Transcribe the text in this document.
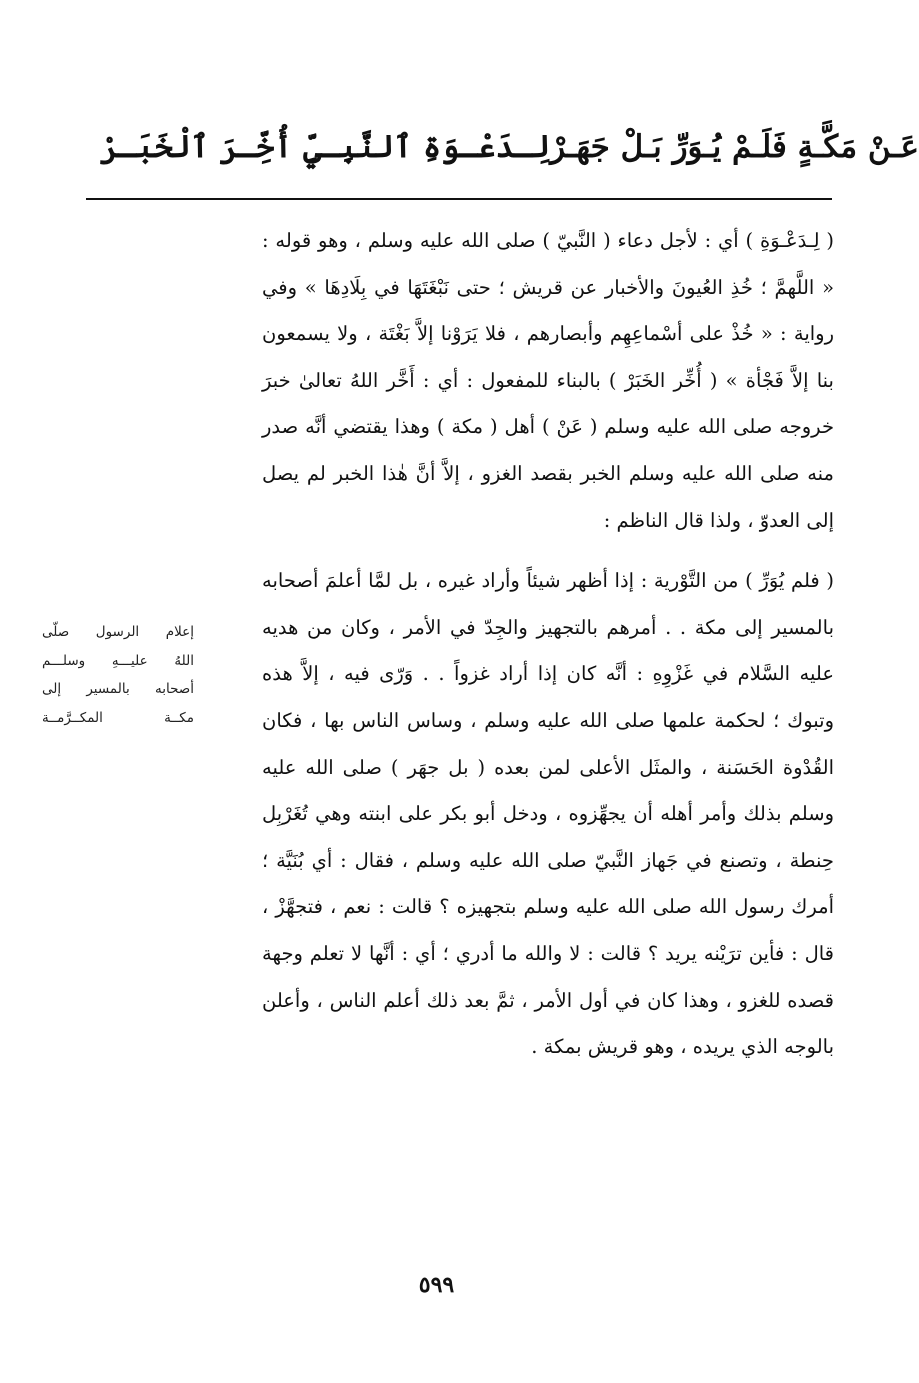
لِـدَعْـوَةِ ٱلنَّبِـيِّ أُخِّـرَ ٱلْخَبَـرْ عَـنْ مَكَّـةٍ فَلَـمْ يُـوَرِّ بَـلْ جَهَـرْ

( لِـدَعْـوَةِ ) أي : لأجل دعاء ( النَّبيّ ) صلى الله عليه وسلم ، وهو قوله : « اللَّهمَّ ؛ خُذِ العُيونَ والأخبار عن قريش ؛ حتى نَبْغَتَهَا في بِلَادِهَا » وفي رواية : « خُذْ على أسْماعِهِم وأبصارهم ، فلا يَرَوْنا إلاَّ بَغْتَة ، ولا يسمعون بنا إلاَّ فَجْأة » ( أُخِّر الخَبَرْ ) بالبناء للمفعول : أي : أَخَّر اللهُ تعالىٰ خبرَ خروجه صلى الله عليه وسلم ( عَنْ ) أهل ( مكة ) وهذا يقتضي أنَّه صدر منه صلى الله عليه وسلم الخبر بقصد الغزو ، إلاَّ أنَّ هٰذا الخبر لم يصل إلى العدوّ ، ولذا قال الناظم :

( فلم يُوَرِّ ) من التَّوْرية : إذا أظهر شيئاً وأراد غيره ، بل لمَّا أعلمَ أصحابه بالمسير إلى مكة . . أمرهم بالتجهيز والجِدّ في الأمر ، وكان من هديه عليه السَّلام في غَزْوِهِ : أنَّه كان إذا أراد غزواً . . وَرّى فيه ، إلاَّ هذه وتبوك ؛ لحكمة علمها صلى الله عليه وسلم ، وساس الناس بها ، فكان القُدْوة الحَسَنة ، والمثَل الأعلى لمن بعده ( بل جهَر ) صلى الله عليه وسلم بذلك وأمر أهله أن يجهِّزوه ، ودخل أبو بكر على ابنته وهي تُغَرْبِل حِنطة ، وتصنع في جَهاز النَّبيّ صلى الله عليه وسلم ، فقال : أي بُنَيَّة ؛ أمرك رسول الله صلى الله عليه وسلم بتجهيزه ؟ قالت : نعم ، فتجهَّزْ ، قال : فأين ترَيْنه يريد ؟ قالت : لا والله ما أدري ؛ أي : أنَّها لا تعلم وجهة قصده للغزو ، وهذا كان في أول الأمر ، ثمَّ بعد ذلك أعلم الناس ، وأعلن بالوجه الذي يريده ، وهو قريش بمكة .

إعلام الرسول صلّى
اللهُ عليـــهِ وسلـــم
أصحابه بالمسير إلى
مكــة المكــرَّمــة
٥٩٩
